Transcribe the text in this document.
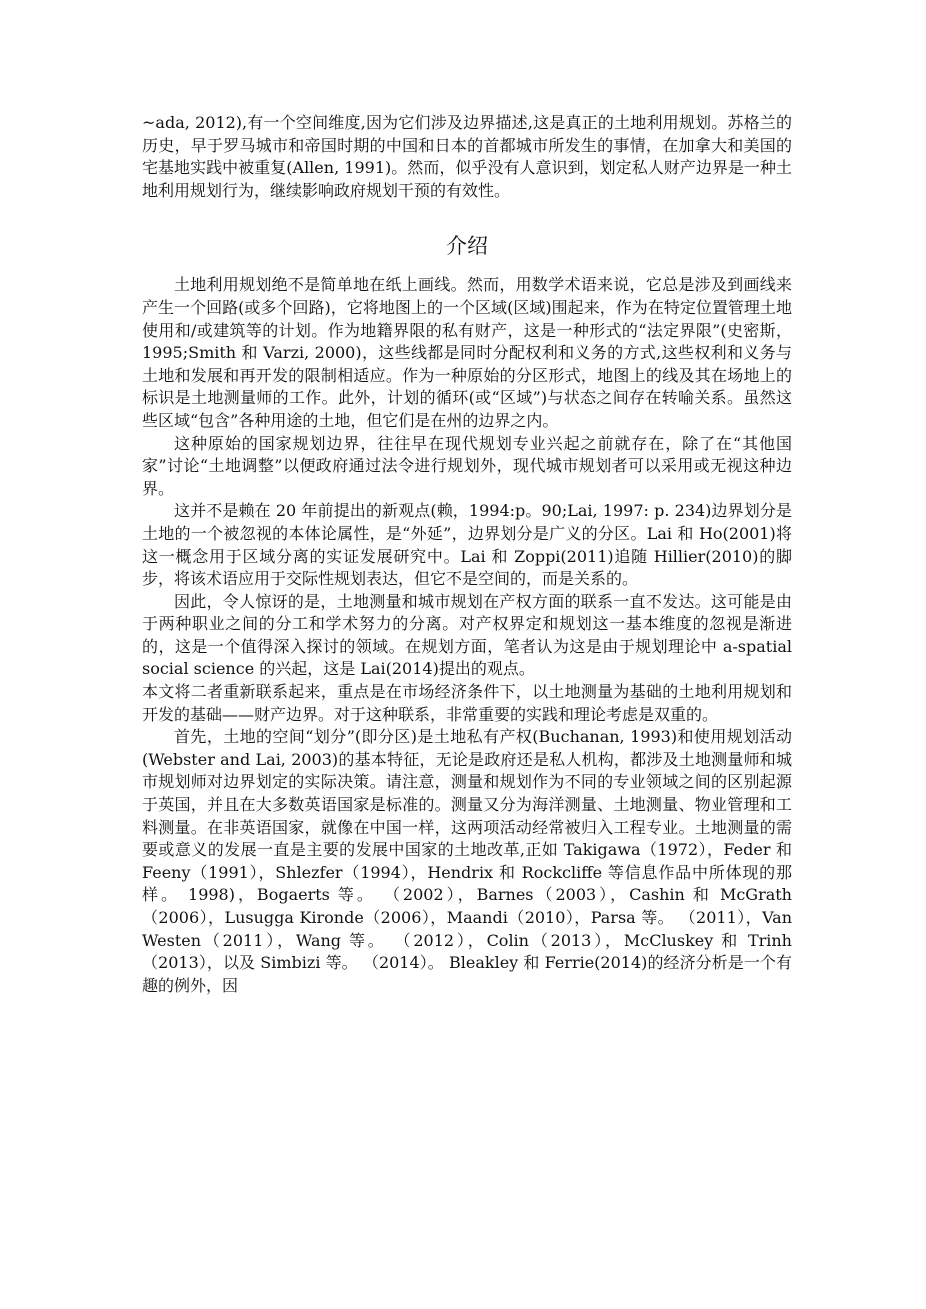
~ada, 2012),有一个空间维度,因为它们涉及边界描述,这是真正的土地利用规划。苏格兰的历史，早于罗马城市和帝国时期的中国和日本的首都城市所发生的事情，在加拿大和美国的宅基地实践中被重复(Allen, 1991)。然而，似乎没有人意识到，划定私人财产边界是一种土地利用规划行为，继续影响政府规划干预的有效性。

介绍

土地利用规划绝不是简单地在纸上画线。然而，用数学术语来说，它总是涉及到画线来产生一个回路(或多个回路)，它将地图上的一个区域(区域)围起来，作为在特定位置管理土地使用和/或建筑等的计划。作为地籍界限的私有财产，这是一种形式的“法定界限”(史密斯，1995;Smith 和 Varzi, 2000)，这些线都是同时分配权利和义务的方式,这些权利和义务与土地和发展和再开发的限制相适应。作为一种原始的分区形式，地图上的线及其在场地上的标识是土地测量师的工作。此外，计划的循环(或“区域”)与状态之间存在转喻关系。虽然这些区域“包含”各种用途的土地，但它们是在州的边界之内。

这种原始的国家规划边界，往往早在现代规划专业兴起之前就存在，除了在“其他国家”讨论“土地调整”以便政府通过法令进行规划外，现代城市规划者可以采用或无视这种边界。

这并不是赖在 20 年前提出的新观点(赖，1994:p。90;Lai, 1997: p. 234)边界划分是土地的一个被忽视的本体论属性，是“外延”，边界划分是广义的分区。Lai 和 Ho(2001)将这一概念用于区域分离的实证发展研究中。Lai 和 Zoppi(2011)追随 Hillier(2010)的脚步，将该术语应用于交际性规划表达，但它不是空间的，而是关系的。

因此，令人惊讶的是，土地测量和城市规划在产权方面的联系一直不发达。这可能是由于两种职业之间的分工和学术努力的分离。对产权界定和规划这一基本维度的忽视是渐进的，这是一个值得深入探讨的领域。在规划方面，笔者认为这是由于规划理论中 a-spatial social science 的兴起，这是 Lai(2014)提出的观点。

本文将二者重新联系起来，重点是在市场经济条件下，以土地测量为基础的土地利用规划和开发的基础——财产边界。对于这种联系，非常重要的实践和理论考虑是双重的。

首先，土地的空间“划分”(即分区)是土地私有产权(Buchanan, 1993)和使用规划活动(Webster and Lai, 2003)的基本特征，无论是政府还是私人机构，都涉及土地测量师和城市规划师对边界划定的实际决策。请注意，测量和规划作为不同的专业领域之间的区别起源于英国，并且在大多数英语国家是标准的。测量又分为海洋测量、土地测量、物业管理和工料测量。在非英语国家，就像在中国一样，这两项活动经常被归入工程专业。土地测量的需要或意义的发展一直是主要的发展中国家的土地改革,正如 Takigawa（1972），Feder 和 Feeny（1991），Shlezfer（1994），Hendrix 和 Rockcliffe 等信息作品中所体现的那样。 1998)，Bogaerts 等。 （2002），Barnes（2003），Cashin 和 McGrath（2006），Lusugga Kironde（2006），Maandi（2010），Parsa 等。 （2011），Van Westen（2011），Wang 等。 （2012），Colin（2013），McCluskey 和 Trinh（2013），以及 Simbizi 等。 （2014）。 Bleakley 和 Ferrie(2014)的经济分析是一个有趣的例外，因
